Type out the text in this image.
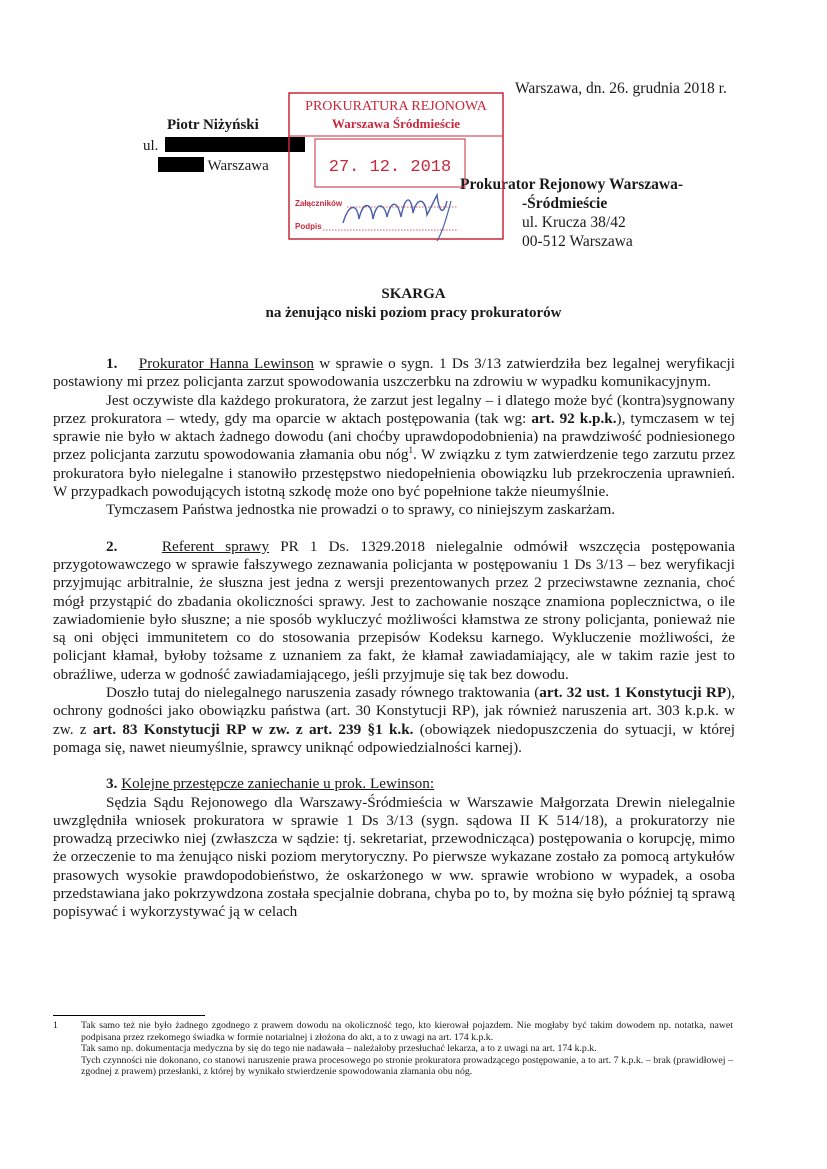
Warszawa, dn. 26. grudnia 2018 r.
Piotr Niżyński
ul.
Warszawa
Prokurator Rejonowy Warszawa-
-Śródmieście
ul. Krucza 38/42
00-512 Warszawa
PROKURATURA REJONOWA
Warszawa Śródmieście
27. 12. 2018
Załączników
Podpis
SKARGA
na żenująco niski poziom pracy prokuratorów

1. Prokurator Hanna Lewinson w sprawie o sygn. 1 Ds 3/13 zatwierdziła bez legalnej weryfikacji postawiony mi przez policjanta zarzut spowodowania uszczerbku na zdrowiu w wypadku komunikacyjnym.

Jest oczywiste dla każdego prokuratora, że zarzut jest legalny – i dlatego może być (kontra)sygnowany przez prokuratora – wtedy, gdy ma oparcie w aktach postępowania (tak wg: art. 92 k.p.k.), tymczasem w tej sprawie nie było w aktach żadnego dowodu (ani choćby uprawdopodobnienia) na prawdziwość podniesionego przez policjanta zarzutu spowodowania złamania obu nóg$^1$. W związku z tym zatwierdzenie tego zarzutu przez prokuratora było nielegalne i stanowiło przestępstwo niedopełnienia obowiązku lub przekroczenia uprawnień. W przypadkach powodujących istotną szkodę może ono być popełnione także nieumyślnie.

Tymczasem Państwa jednostka nie prowadzi o to sprawy, co niniejszym zaskarżam.

2.	Referent sprawy PR 1 Ds. 1329.2018 nielegalnie odmówił wszczęcia postępowania przygotowawczego w sprawie fałszywego zeznawania policjanta w postępowaniu 1 Ds 3/13 – bez weryfikacji przyjmując arbitralnie, że słuszna jest jedna z wersji prezentowanych przez 2 przeciwstawne zeznania, choć mógł przystąpić do zbadania okoliczności sprawy. Jest to zachowanie noszące znamiona poplecznictwa, o ile zawiadomienie było słuszne; a nie sposób wykluczyć możliwości kłamstwa ze strony policjanta, ponieważ nie są oni objęci immunitetem co do stosowania przepisów Kodeksu karnego. Wykluczenie możliwości, że policjant kłamał, byłoby tożsame z uznaniem za fakt, że kłamał zawiadamiający, ale w takim razie jest to obraźliwe, uderza w godność zawiadamiającego, jeśli przyjmuje się tak bez dowodu.

Doszło tutaj do nielegalnego naruszenia zasady równego traktowania (art. 32 ust. 1 Konstytucji RP), ochrony godności jako obowiązku państwa (art. 30 Konstytucji RP), jak również naruszenia art. 303 k.p.k. w zw. z art. 83 Konstytucji RP w zw. z art. 239 §1 k.k. (obowiązek niedopuszczenia do sytuacji, w której pomaga się, nawet nieumyślnie, sprawcy uniknąć odpowiedzialności karnej).

3. Kolejne przestępcze zaniechanie u prok. Lewinson:

Sędzia Sądu Rejonowego dla Warszawy-Śródmieścia w Warszawie Małgorzata Drewin nielegalnie uwzględniła wniosek prokuratora w sprawie 1 Ds 3/13 (sygn. sądowa II K 514/18), a prokuratorzy nie prowadzą przeciwko niej (zwłaszcza w sądzie: tj. sekretariat, przewodnicząca) postępowania o korupcję, mimo że orzeczenie to ma żenująco niski poziom merytoryczny. Po pierwsze wykazane zostało za pomocą artykułów prasowych wysokie prawdopodobieństwo, że oskarżonego w ww. sprawie wrobiono w wypadek, a osoba przedstawiana jako pokrzywdzona została specjalnie dobrana, chyba po to, by można się było później tą sprawą popisywać i wykorzystywać ją w celach

1 Tak samo też nie było żadnego zgodnego z prawem dowodu na okoliczność tego, kto kierował pojazdem. Nie mogłaby być takim dowodem np. notatka, nawet podpisana przez rzekomego świadka w formie notarialnej i złożona do akt, a to z uwagi na art. 174 k.p.k.
Tak samo np. dokumentacja medyczna by się do tego nie nadawała – należałoby przesłuchać lekarza, a to z uwagi na art. 174 k.p.k.
Tych czynności nie dokonano, co stanowi naruszenie prawa procesowego po stronie prokuratora prowadzącego postępowanie, a to art. 7 k.p.k. – brak (prawidłowej – zgodnej z prawem) przesłanki, z której by wynikało stwierdzenie spowodowania złamania obu nóg.
